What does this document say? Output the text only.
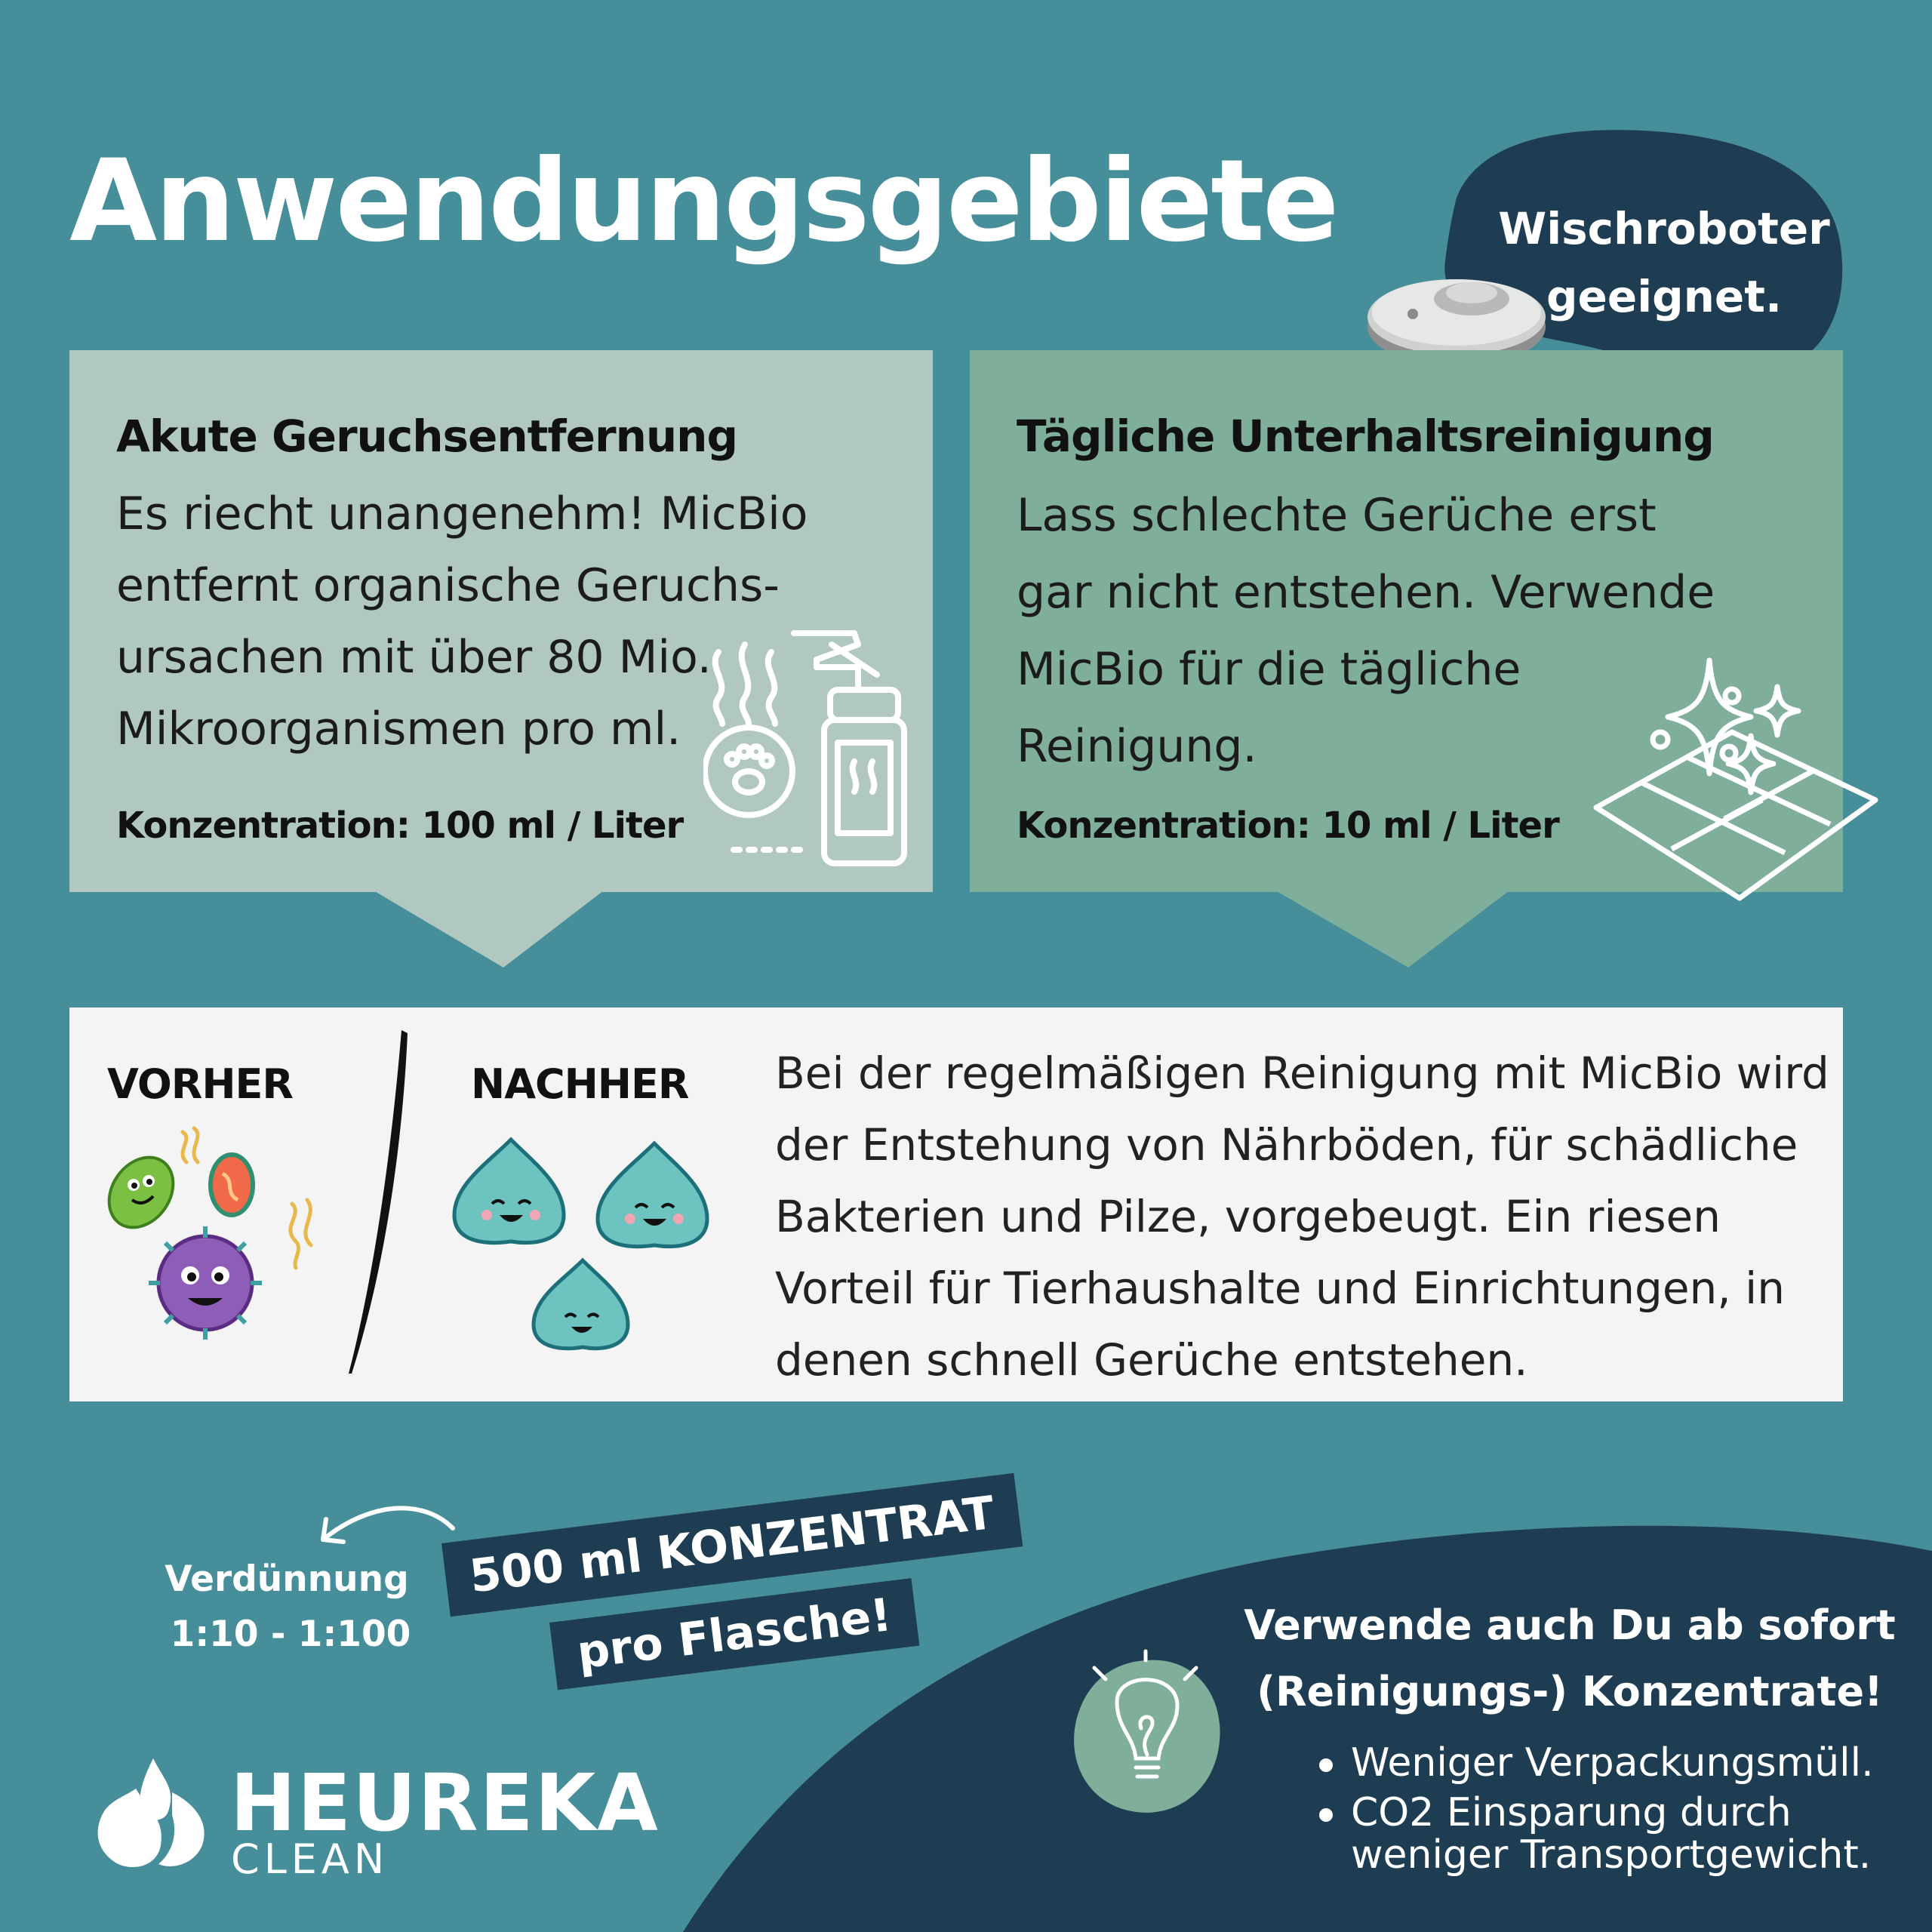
Anwendungsgebiete	Wischroboter
geeignet.

Akute Geruchsentfernung

Es riecht unangenehm! MicBio
entfernt organische Geruchs-
ursachen mit über 80 Mio.
Mikroorganismen pro ml.

Konzentration: 100 ml / Liter

Tägliche Unterhaltsreinigung

Lass schlechte Gerüche erst
gar nicht entstehen. Verwende
MicBio für die tägliche
Reinigung.

Konzentration: 10 ml / Liter

VORHER	NACHHER Bei der regelmäßigen Reinigung mit MicBio wird
der Entstehung von Nährböden, für schädliche
Bakterien und Pilze, vorgebeugt. Ein riesen
Vorteil für Tierhaushalte und Einrichtungen, in
denen schnell Gerüche entstehen.

Verdünnung

1:10 - 1:100

500 ml KONZENTRAT
pro Flasche!	Verwende auch Du ab sofort
(Reinigungs-) Konzentrate!

Weniger Verpackungsmüll.
CO2 Einsparung durch
weniger Transportgewicht.

HEUREKA

CLEAN
